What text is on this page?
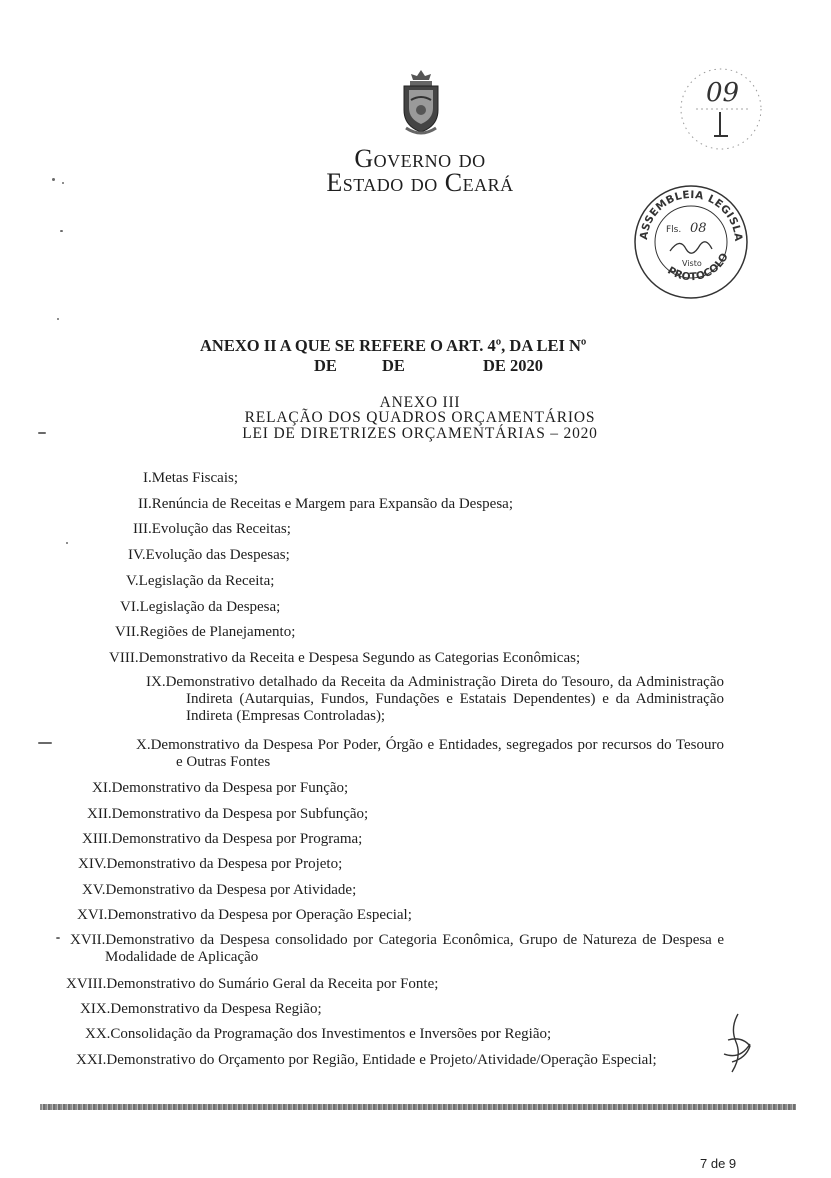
Governo do
Estado do Ceará
09
ASSEMBLEIA LEGISLA
PROTOCOLO
Fls. 08
Visto
ANEXO II A QUE SE REFERE O ART. 4º, DA LEI Nº
DE	DE	DE 2020
ANEXO III
RELAÇÃO DOS QUADROS ORÇAMENTÁRIOS
LEI DE DIRETRIZES ORÇAMENTÁRIAS – 2020
I.Metas Fiscais;
II.Renúncia de Receitas e Margem para Expansão da Despesa;
III.Evolução das Receitas;
IV.Evolução das Despesas;
V.Legislação da Receita;
VI.Legislação da Despesa;
VII.Regiões de Planejamento;
VIII.Demonstrativo da Receita e Despesa Segundo as Categorias Econômicas;
IX.Demonstrativo detalhado da Receita da Administração Direta do Tesouro, da Administração Indireta (Autarquias, Fundos, Fundações e Estatais Dependentes) e da Administração Indireta (Empresas Controladas);
X.Demonstrativo da Despesa Por Poder, Órgão e Entidades, segregados por recursos do Tesouro e Outras Fontes
XI.Demonstrativo da Despesa por Função;
XII.Demonstrativo da Despesa por Subfunção;
XIII.Demonstrativo da Despesa por Programa;
XIV.Demonstrativo da Despesa por Projeto;
XV.Demonstrativo da Despesa por Atividade;
XVI.Demonstrativo da Despesa por Operação Especial;
XVII.Demonstrativo da Despesa consolidado por Categoria Econômica, Grupo de Natureza de Despesa e Modalidade de Aplicação
XVIII.Demonstrativo do Sumário Geral da Receita por Fonte;
XIX.Demonstrativo da Despesa Região;
XX.Consolidação da Programação dos Investimentos e Inversões por Região;
XXI.Demonstrativo do Orçamento por Região, Entidade e Projeto/Atividade/Operação Especial;
7 de 9
